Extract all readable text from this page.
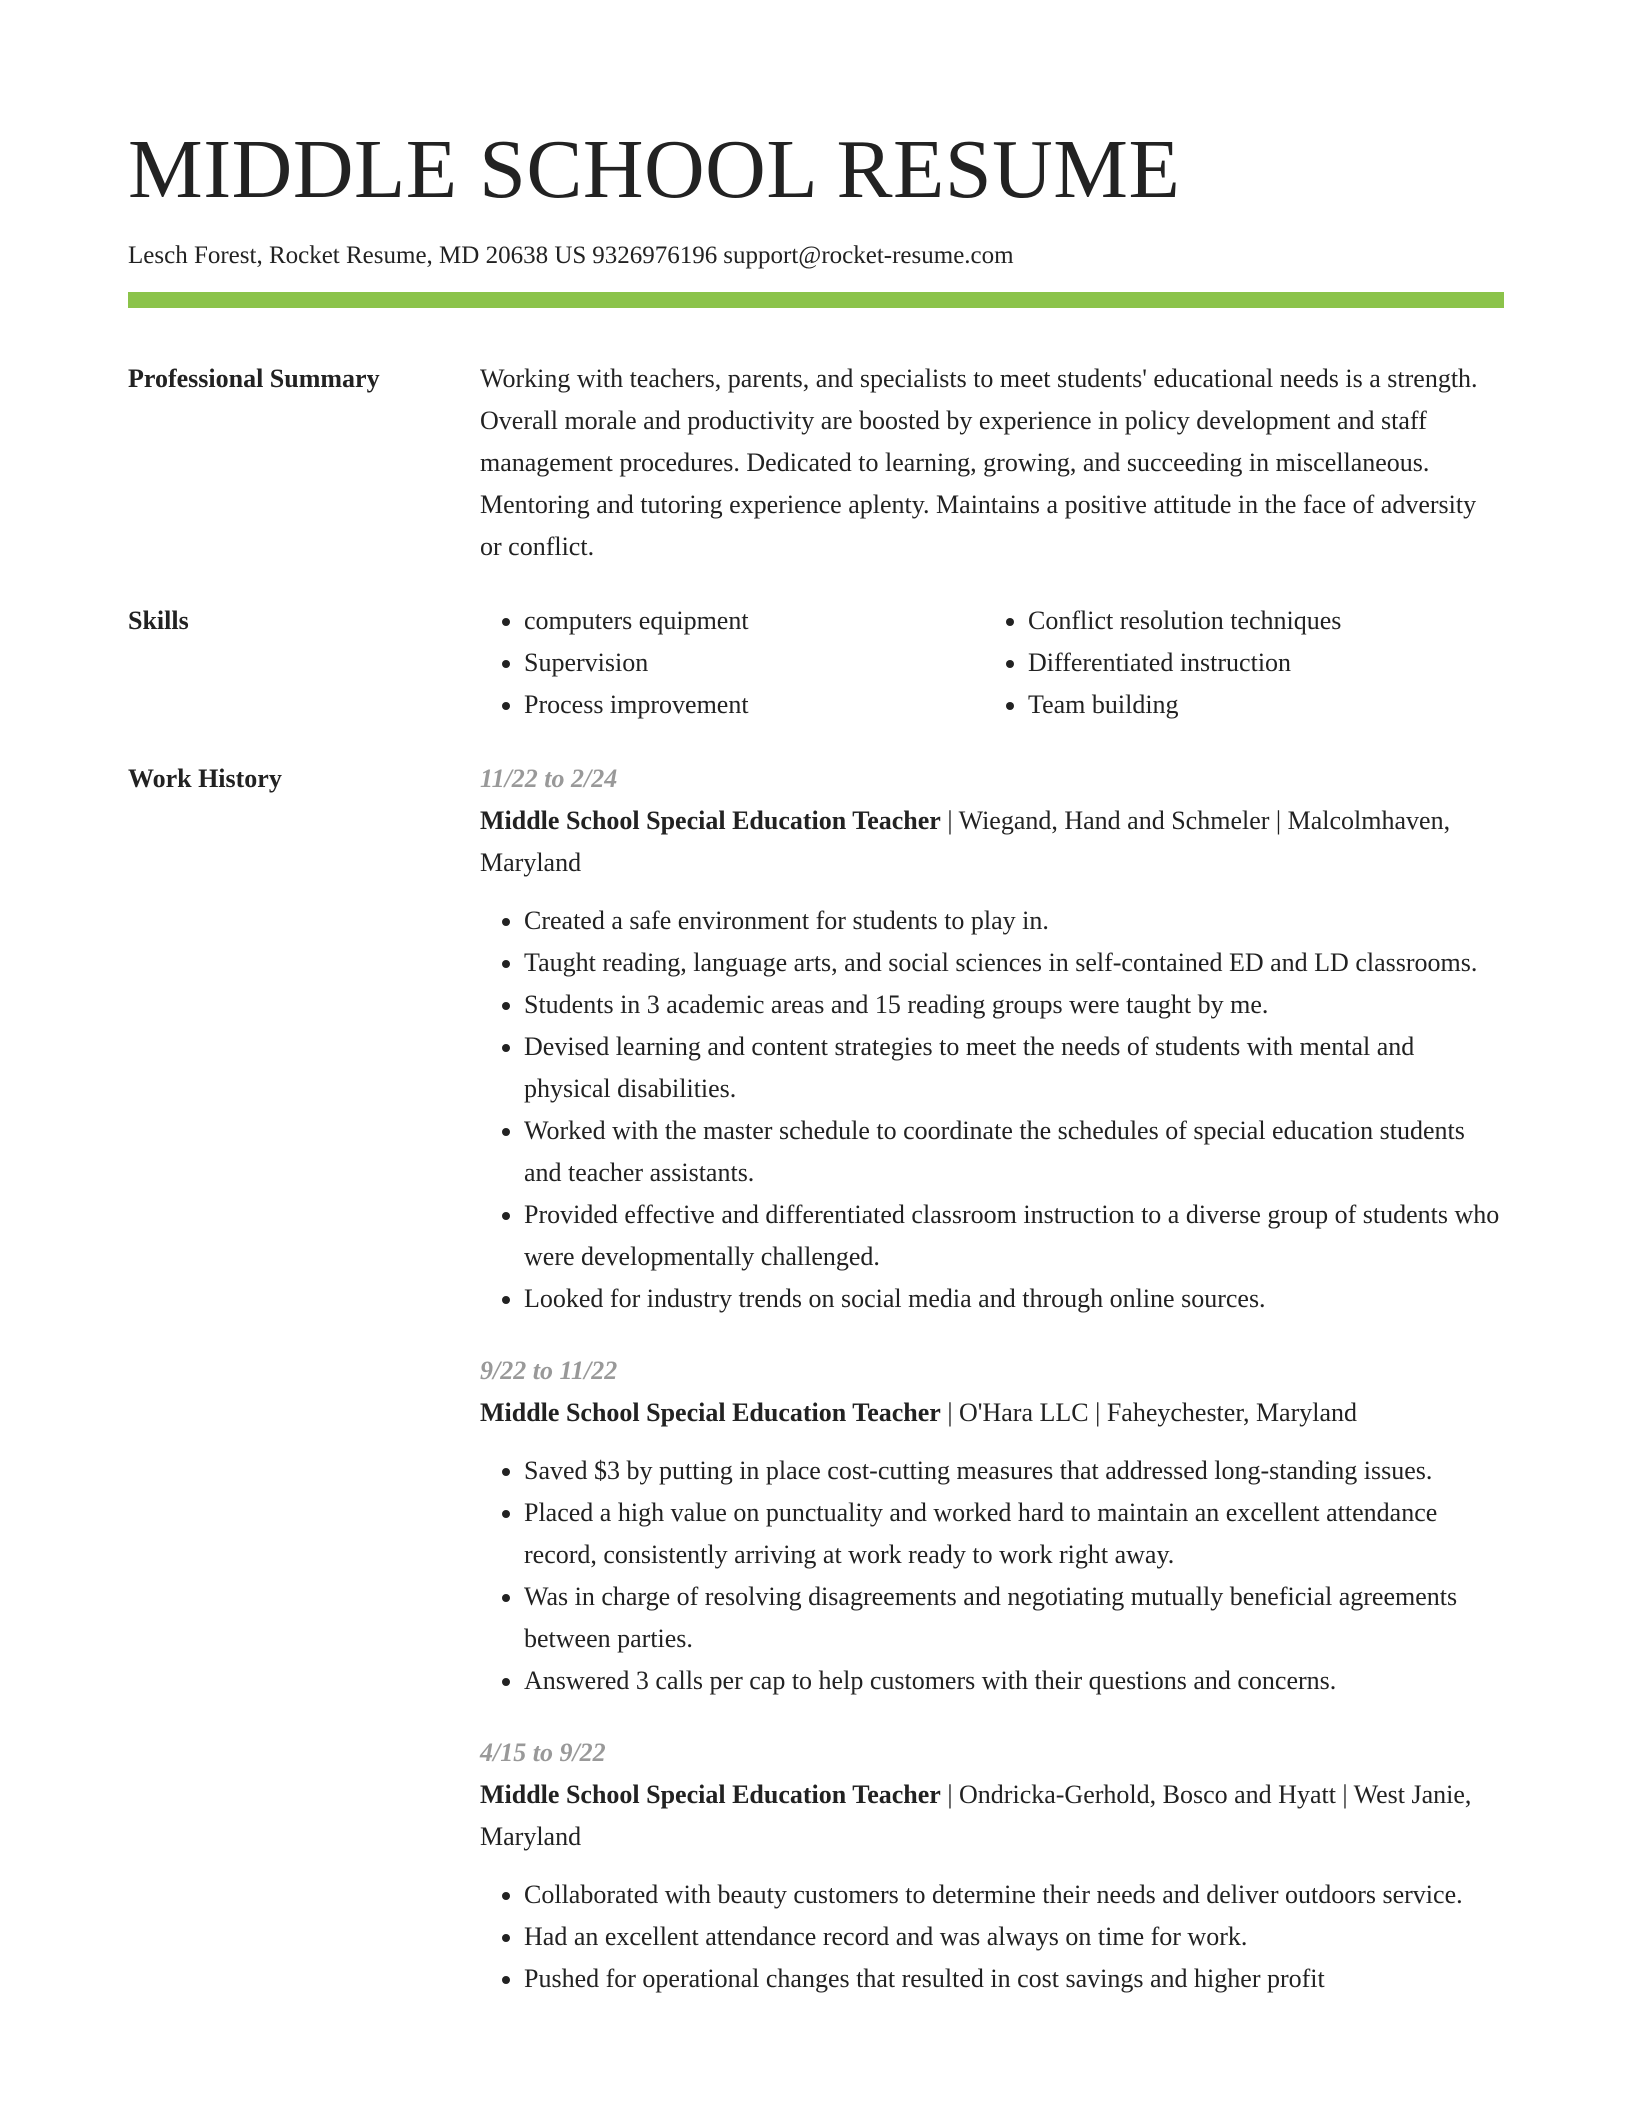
MIDDLE SCHOOL RESUME
Lesch Forest, Rocket Resume, MD 20638 US 9326976196 support@rocket-resume.com
Professional Summary	Working with teachers, parents, and specialists to meet students' educational needs is a strength. Overall morale and productivity are boosted by experience in policy development and staff management procedures. Dedicated to learning, growing, and succeeding in miscellaneous. Mentoring and tutoring experience aplenty. Maintains a positive attitude in the face of adversity or conflict.
Skills
•	computers equipment
• Supervision
• Process improvement
• Conflict resolution techniques
• Differentiated instruction
• Team building
Work History	11/22 to 2/24
Middle School Special Education Teacher | Wiegand, Hand and Schmeler | Malcolmhaven, Maryland
• Created a safe environment for students to play in.
• Taught reading, language arts, and social sciences in self-contained ED and LD classrooms.
• Students in 3 academic areas and 15 reading groups were taught by me.
• Devised learning and content strategies to meet the needs of students with mental and physical disabilities.
• Worked with the master schedule to coordinate the schedules of special education students and teacher assistants.
• Provided effective and differentiated classroom instruction to a diverse group of students who were developmentally challenged.
• Looked for industry trends on social media and through online sources.
9/22 to 11/22
Middle School Special Education Teacher | O'Hara LLC | Faheychester, Maryland
• Saved $3 by putting in place cost-cutting measures that addressed long-standing issues.
• Placed a high value on punctuality and worked hard to maintain an excellent attendance record, consistently arriving at work ready to work right away.
• Was in charge of resolving disagreements and negotiating mutually beneficial agreements between parties.
• Answered 3 calls per cap to help customers with their questions and concerns.
4/15 to 9/22
Middle School Special Education Teacher | Ondricka-Gerhold, Bosco and Hyatt | West Janie, Maryland
• Collaborated with beauty customers to determine their needs and deliver outdoors service.
• Had an excellent attendance record and was always on time for work.
• Pushed for operational changes that resulted in cost savings and higher profit
